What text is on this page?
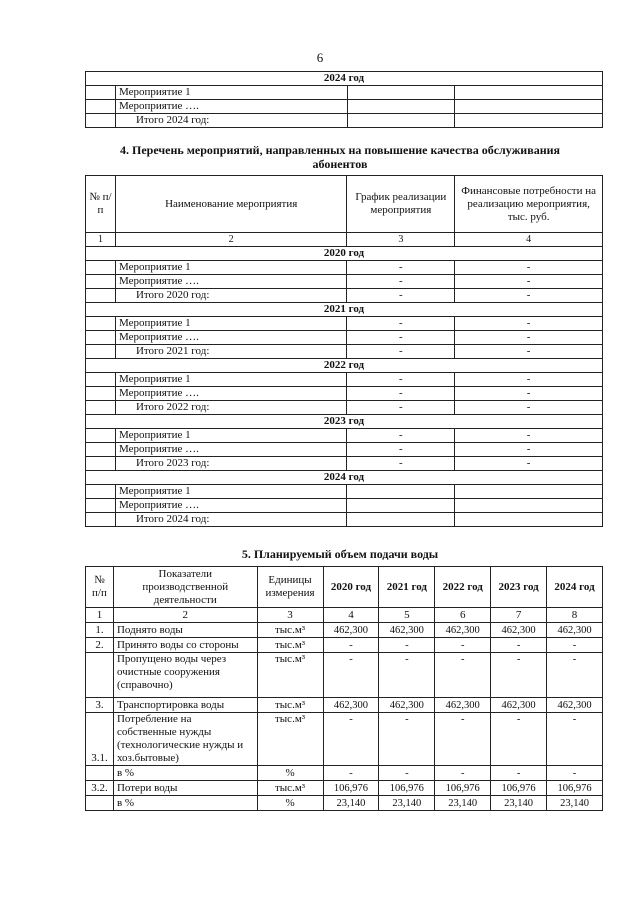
6
2024 год			
	Мероприятие 1		
	Мероприятие ….		
	Итого 2024 год:		
4. Перечень мероприятий, направленных на повышение качества обслуживания
абонентов
№ п/п	Наименование мероприятия	График реализации мероприятия	Финансовые потребности на реализацию мероприятия, тыс. руб.
1	2	3	4
2020 год			
	Мероприятие 1	-	-
	Мероприятие ….	-	-
	Итого 2020 год:	-	-
2021 год			
	Мероприятие 1	-	-
	Мероприятие ….	-	-
	Итого 2021 год:	-	-
2022 год			
	Мероприятие 1	-	-
	Мероприятие ….	-	-
	Итого 2022 год:	-	-
2023 год			
	Мероприятие 1	-	-
	Мероприятие ….	-	-
	Итого 2023 год:	-	-
2024 год			
	Мероприятие 1		
	Мероприятие ….		
	Итого 2024 год:		
5. Планируемый объем подачи воды
№ п/п	Показатели производственной деятельности	Единицы измерения	2020 год	2021 год	2022 год	2023 год	2024 год
1	2	3	4	5	6	7	8
1.	Поднято воды	тыс.м³	462,300	462,300	462,300	462,300	462,300
2.	Принято воды со стороны	тыс.м³	-	-	-	-	-
	Пропущено воды через очистные сооружения (справочно)	тыс.м³	-	-	-	-	-
3.	Транспортировка воды	тыс.м³	462,300	462,300	462,300	462,300	462,300
3.1.	Потребление на собственные нужды (технологические нужды и хоз.бытовые)	тыс.м³	-	-	-	-	-
	в %	%	-	-	-	-	-
3.2.	Потери воды	тыс.м³	106,976	106,976	106,976	106,976	106,976
	в %	%	23,140	23,140	23,140	23,140	23,140
